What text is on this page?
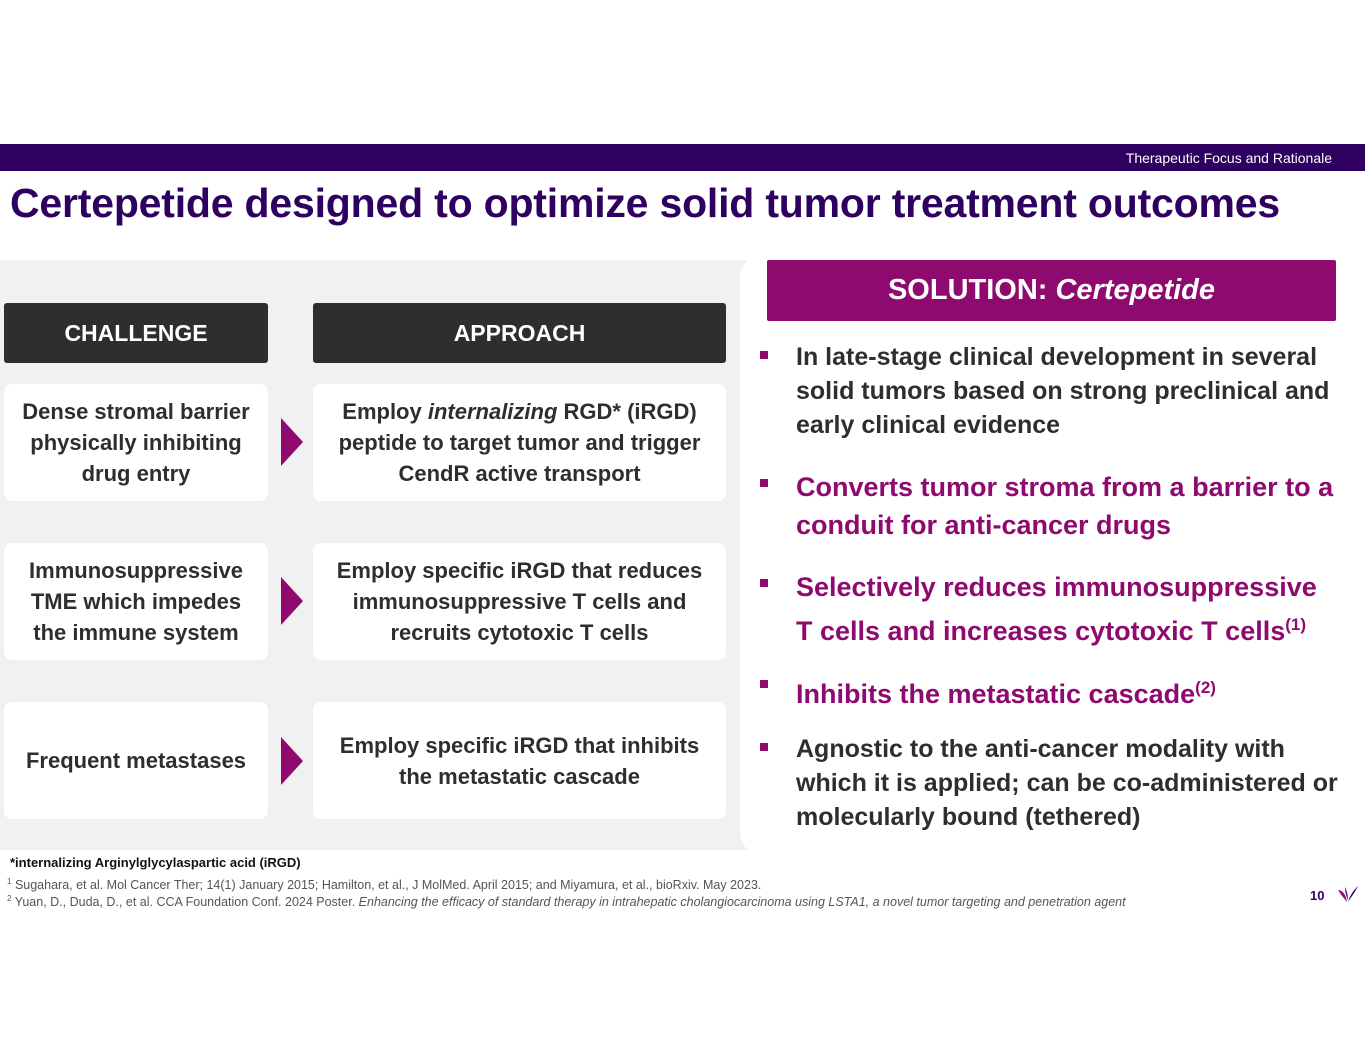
Therapeutic Focus and Rationale
Certepetide designed to optimize solid tumor treatment outcomes
CHALLENGE	APPROACH
Dense stromal barrier physically inhibiting drug entry
Employ internalizing RGD* (iRGD) peptide to target tumor and trigger CendR active transport
Immunosuppressive TME which impedes the immune system
Employ specific iRGD that reduces immunosuppressive T cells and recruits cytotoxic T cells
Frequent metastases
Employ specific iRGD that inhibits the metastatic cascade
SOLUTION: Certepetide
In late-stage clinical development in several solid tumors based on strong preclinical and early clinical evidence
Converts tumor stroma from a barrier to a conduit for anti-cancer drugs
Selectively reduces immunosuppressive T cells and increases cytotoxic T cells$^{(1)}$
Inhibits the metastatic cascade$^{(2)}$
Agnostic to the anti-cancer modality with which it is applied; can be co-administered or molecularly bound (tethered)
*internalizing Arginylglycylaspartic acid (iRGD)
$^1$ Sugahara, et al. Mol Cancer Ther; 14(1) January 2015; Hamilton, et al., J MolMed. April 2015; and Miyamura, et al., bioRxiv. May 2023.
$^2$ Yuan, D., Duda, D., et al. CCA Foundation Conf. 2024 Poster. Enhancing the efficacy of standard therapy in intrahepatic cholangiocarcinoma using LSTA1, a novel tumor targeting and penetration agent	10
